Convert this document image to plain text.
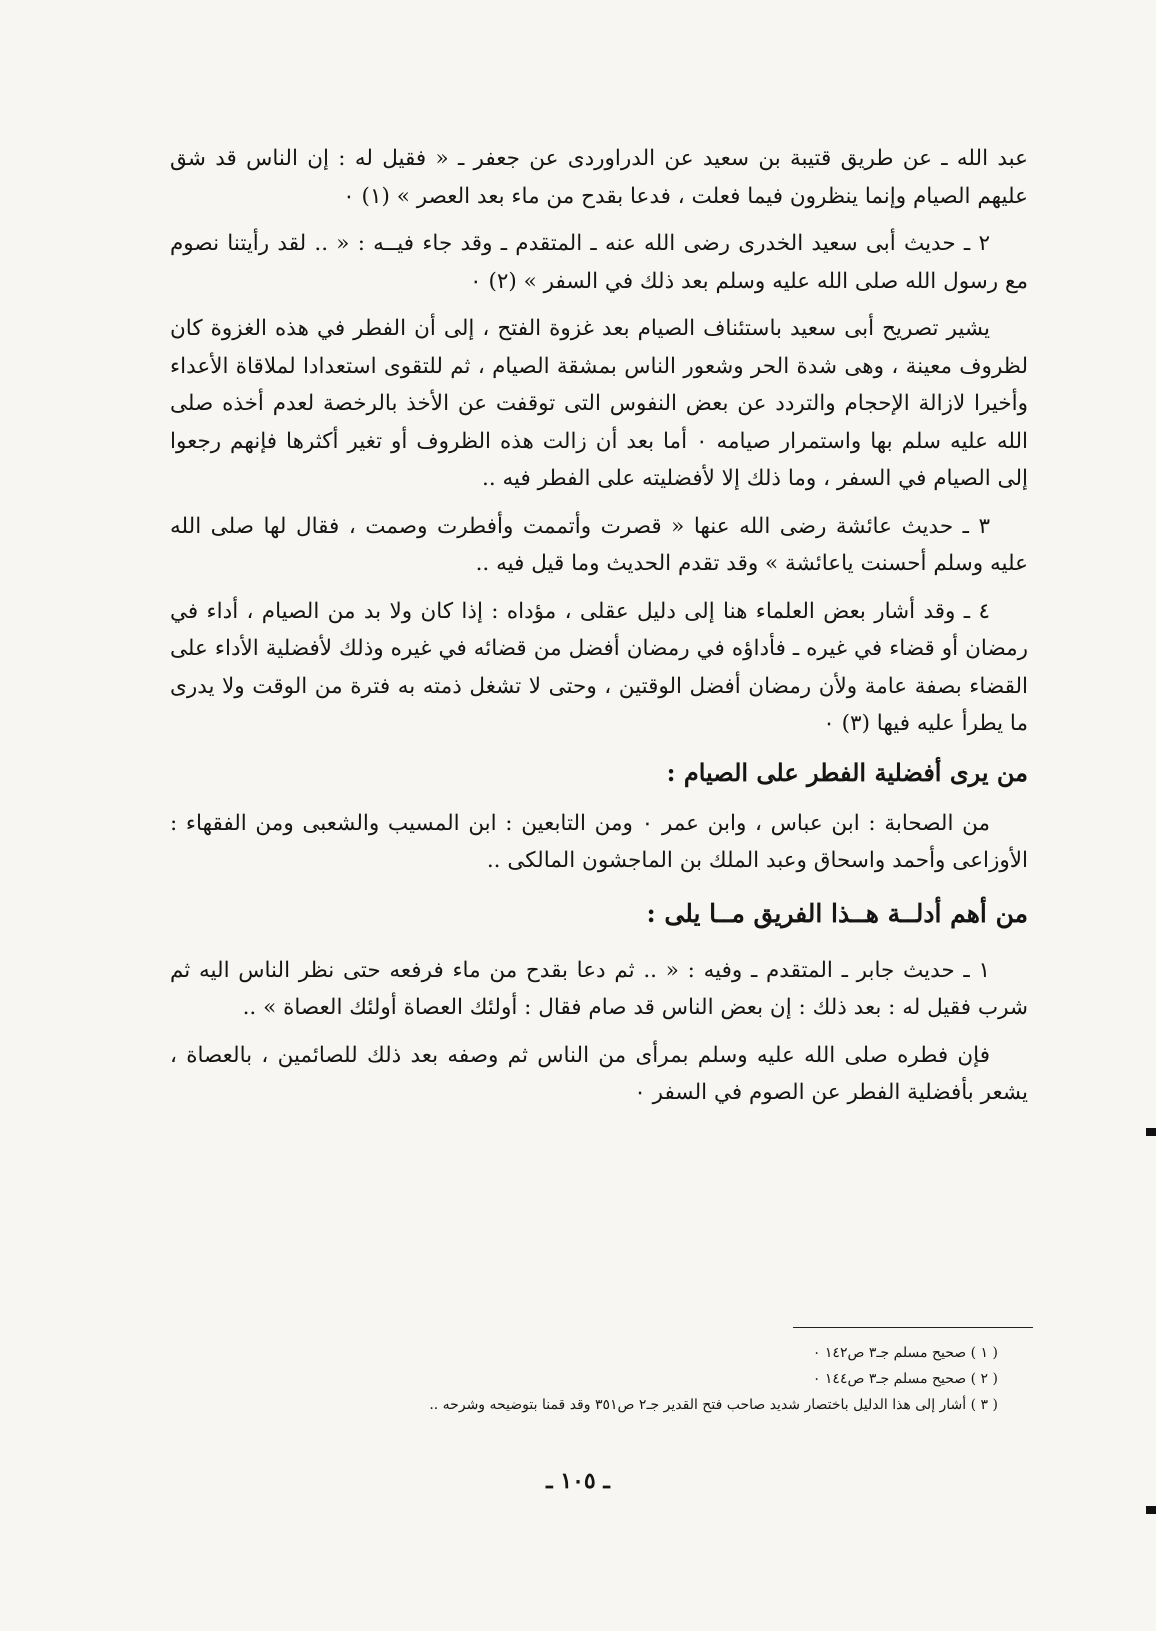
عبد الله ـ عن طريق قتيبة بن سعيد عن الدراوردى عن جعفر ـ « فقيل له : إن الناس قد شق عليهم الصيام وإنما ينظرون فيما فعلت ، فدعا بقدح من ماء بعد العصر » (١) ٠

٢ ـ حديث أبى سعيد الخدرى رضى الله عنه ـ المتقدم ـ وقد جاء فيــه : « .. لقد رأيتنا نصوم مع رسول الله صلى الله عليه وسلم بعد ذلك في السفر » (٢) ٠

يشير تصريح أبى سعيد باستئناف الصيام بعد غزوة الفتح ، إلى أن الفطر في هذه الغزوة كان لظروف معينة ، وهى شدة الحر وشعور الناس بمشقة الصيام ، ثم للتقوى استعدادا لملاقاة الأعداء وأخيرا لازالة الإحجام والتردد عن بعض النفوس التى توقفت عن الأخذ بالرخصة لعدم أخذه صلى الله عليه سلم بها واستمرار صيامه ٠ أما بعد أن زالت هذه الظروف أو تغير أكثرها فإنهم رجعوا إلى الصيام في السفر ، وما ذلك إلا لأفضليته على الفطر فيه ..

٣ ـ حديث عائشة رضى الله عنها « قصرت وأتممت وأفطرت وصمت ، فقال لها صلى الله عليه وسلم أحسنت ياعائشة » وقد تقدم الحديث وما قيل فيه ..

٤ ـ وقد أشار بعض العلماء هنا إلى دليل عقلى ، مؤداه : إذا كان ولا بد من الصيام ، أداء في رمضان أو قضاء في غيره ـ فأداؤه في رمضان أفضل من قضائه في غيره وذلك لأفضلية الأداء على القضاء بصفة عامة ولأن رمضان أفضل الوقتين ، وحتى لا تشغل ذمته به فترة من الوقت ولا يدرى ما يطرأ عليه فيها (٣) ٠

من يرى أفضلية الفطر على الصيام :

من الصحابة : ابن عباس ، وابن عمر ٠ ومن التابعين : ابن المسيب والشعبى ومن الفقهاء : الأوزاعى وأحمد واسحاق وعبد الملك بن الماجشون المالكى ..

من أهم أدلــة هــذا الفريق مــا يلى :

١ ـ حديث جابر ـ المتقدم ـ وفيه : « .. ثم دعا بقدح من ماء فرفعه حتى نظر الناس اليه ثم شرب فقيل له : بعد ذلك : إن بعض الناس قد صام فقال : أولئك العصاة أولئك العصاة » ..

فإن فطره صلى الله عليه وسلم بمرأى من الناس ثم وصفه بعد ذلك للصائمين ، بالعصاة ، يشعر بأفضلية الفطر عن الصوم في السفر ٠

( ١ ) صحيح مسلم جـ٣ ص١٤٢ ٠

( ٢ ) صحيح مسلم جـ٣ ص١٤٤ ٠

( ٣ ) أشار إلى هذا الدليل باختصار شديد صاحب فتح القدير جـ٢ ص٣٥١ وقد قمنا بتوضيحه وشرحه ..

ـ ١٠٥ ـ
